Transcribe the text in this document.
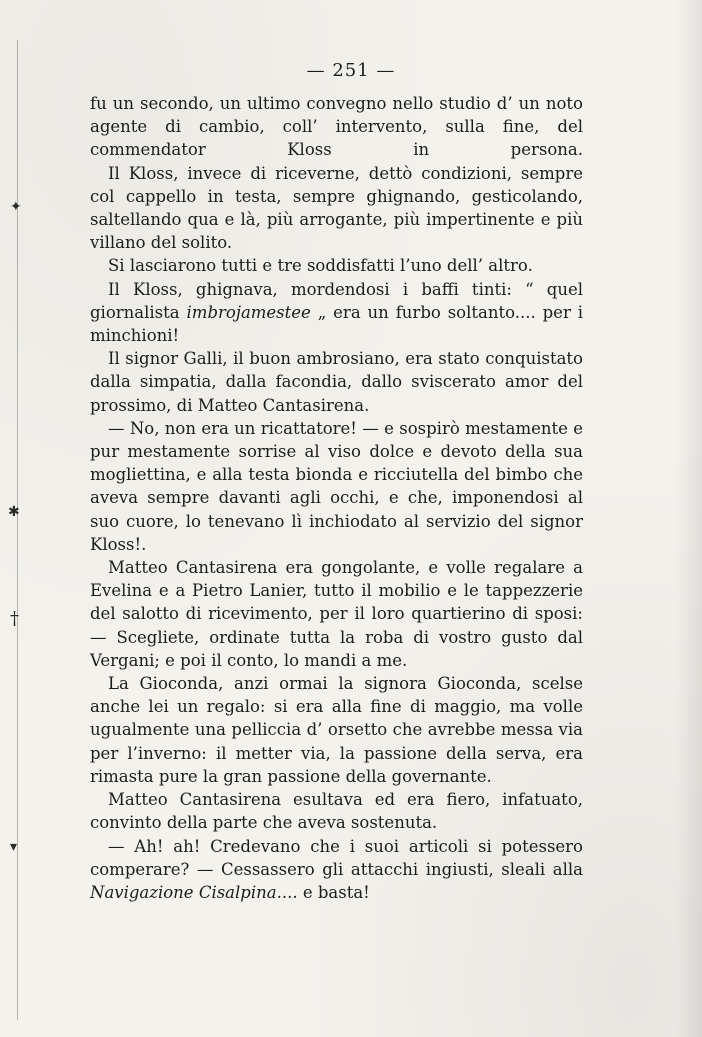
✦
✱
†
▾
— 251 —

fu un secondo, un ultimo convegno nello studio d’ un noto agente di cambio, coll’ intervento, sulla fine, del commendator Kloss in persona.

Il Kloss, invece di riceverne, dettò condizioni, sempre col cappello in testa, sempre ghignando, gesticolando, saltellando qua e là, più arrogante, più impertinente e più villano del solito.

Si lasciarono tutti e tre soddisfatti l’uno dell’ altro.

Il Kloss, ghignava, mordendosi i baffi tinti: “ quel giornalista imbrojamestee „ era un furbo soltanto.... per i minchioni!

Il signor Galli, il buon ambrosiano, era stato conquistato dalla simpatia, dalla facondia, dallo sviscerato amor del prossimo, di Matteo Cantasirena.

— No, non era un ricattatore! — e sospirò mestamente e pur mestamente sorrise al viso dolce e devoto della sua mogliettina, e alla testa bionda e ricciutella del bimbo che aveva sempre davanti agli occhi, e che, imponendosi al suo cuore, lo tenevano lì inchiodato al servizio del signor Kloss!.

Matteo Cantasirena era gongolante, e volle regalare a Evelina e a Pietro Lanier, tutto il mobilio e le tappezzerie del salotto di ricevimento, per il loro quartierino di sposi: — Scegliete, ordinate tutta la roba di vostro gusto dal Vergani; e poi il conto, lo mandi a me.

La Gioconda, anzi ormai la signora Gioconda, scelse anche lei un regalo: si era alla fine di maggio, ma volle ugualmente una pelliccia d’ orsetto che avrebbe messa via per l’inverno: il metter via, la passione della serva, era rimasta pure la gran passione della governante.

Matteo Cantasirena esultava ed era fiero, infatuato, convinto della parte che aveva sostenuta.

— Ah! ah! Credevano che i suoi articoli si potessero comperare? — Cessassero gli attacchi ingiusti, sleali alla Navigazione Cisalpina.... e basta!
